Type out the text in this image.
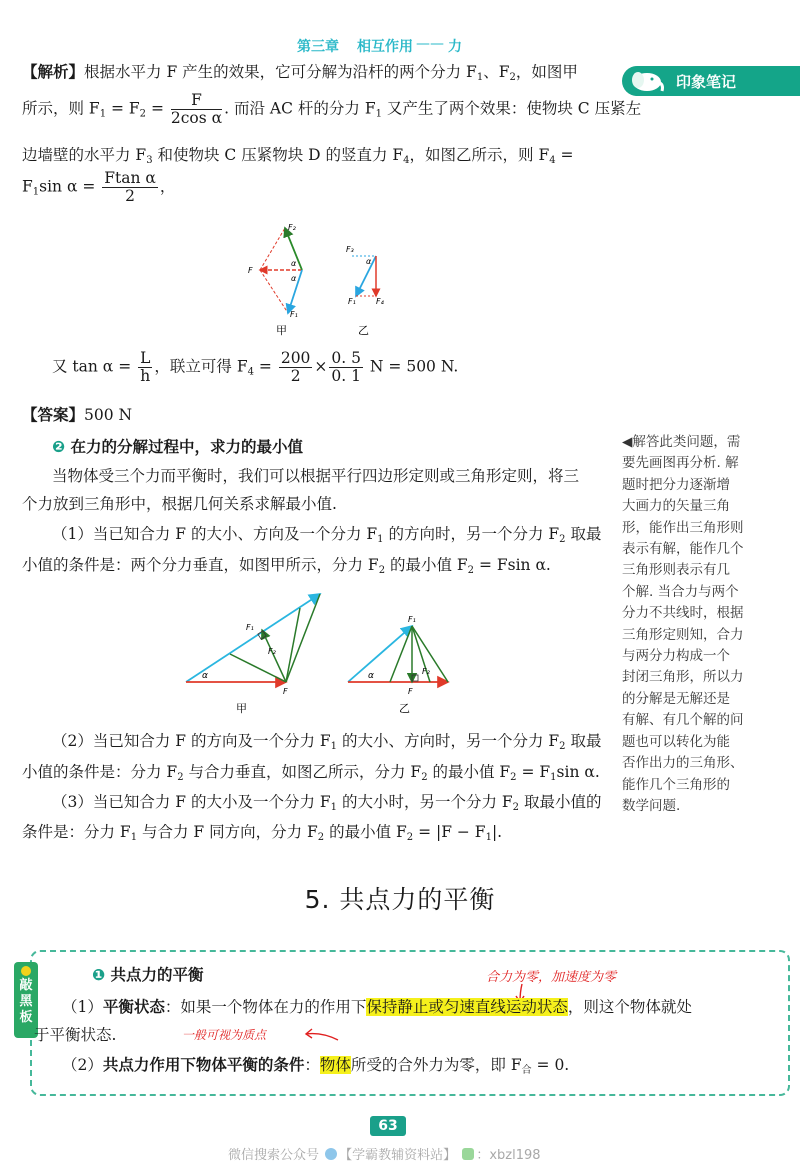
第三章 相互作用 —— 力
印象笔记
【解析】根据水平力 F 产生的效果，它可分解为沿杆的两个分力 $F_1$、$F_2$，如图甲
所示，则 $F_1 = F_2 = \frac{F}{\text{2cos α}}$ . 而沿 AC 杆的分力 $F_1$ 又产生了两个效果：使物块 C 压紧左
边墙壁的水平力 $F_3$ 和使物块 C 压紧物块 D 的竖直力 $F_4$，如图乙所示，则 $F_4$ =
$F_1\sin$ $\alpha = \frac{\text{Ftan α}}{2}$ ，
F₂
F
α
α
F₁
甲
F₃
α
F₁	F₄
乙
又 $\tan \alpha = \frac{L}{h}$ ，联立可得 $F_4 = \frac{200}{2} \times \frac{0. 5}{0. 1}$ N = 500 N.
【答案】500 N
❷ 在力的分解过程中，求力的最小值
当物体受三个力而平衡时，我们可以根据平行四边形定则或三角形定则，将三
个力放到三角形中，根据几何关系求解最小值.
（1）当已知合力 F 的大小、方向及一个分力 $F_1$ 的方向时，另一个分力 $F_2$ 取最
小值的条件是：两个分力垂直，如图甲所示，分力 $F_2$ 的最小值 $F_2 = Fsin$ α.
F₁
F₂
α
F
甲
F₁
α	F₂
F
乙
（2）当已知合力 F 的方向及一个分力 $F_1$ 的大小、方向时，另一个分力 $F_2$ 取最
小值的条件是：分力 $F_2$ 与合力垂直，如图乙所示，分力 $F_2$ 的最小值 $F_2 = F_1\sin$ α.
（3）当已知合力 F 的大小及一个分力 $F_1$ 的大小时，另一个分力 $F_2$ 取最小值的
条件是：分力 $F_1$ 与合力 F 同方向，分力 $F_2$ 的最小值 $F_2 = |F - F_1|$.
◀解答此类问题，需
要先画图再分析. 解
题时把分力逐渐增
大画力的矢量三角
形，能作出三角形则
表示有解，能作几个
三角形则表示有几
个解. 当合力与两个
分力不共线时，根据
三角形定则知，合力
与两分力构成一个
封闭三角形，所以力
的分解是无解还是
有解、有几个解的问
题也可以转化为能
否作出力的三角形、
能作几个三角形的
数学问题.
5. 共点力的平衡
敲黑板
❶ 共点力的平衡	合力为零，加速度为零
（1）平衡状态：如果一个物体在力的作用下保持静止或匀速直线运动状态，则这个物体就处
于平衡状态.	一般可视为质点
（2）共点力作用下物体平衡的条件：物体所受的合外力为零，即 $F_合 = 0$.
63
微信搜索公众号 【学霸教辅资料站】 ：xbzl198
